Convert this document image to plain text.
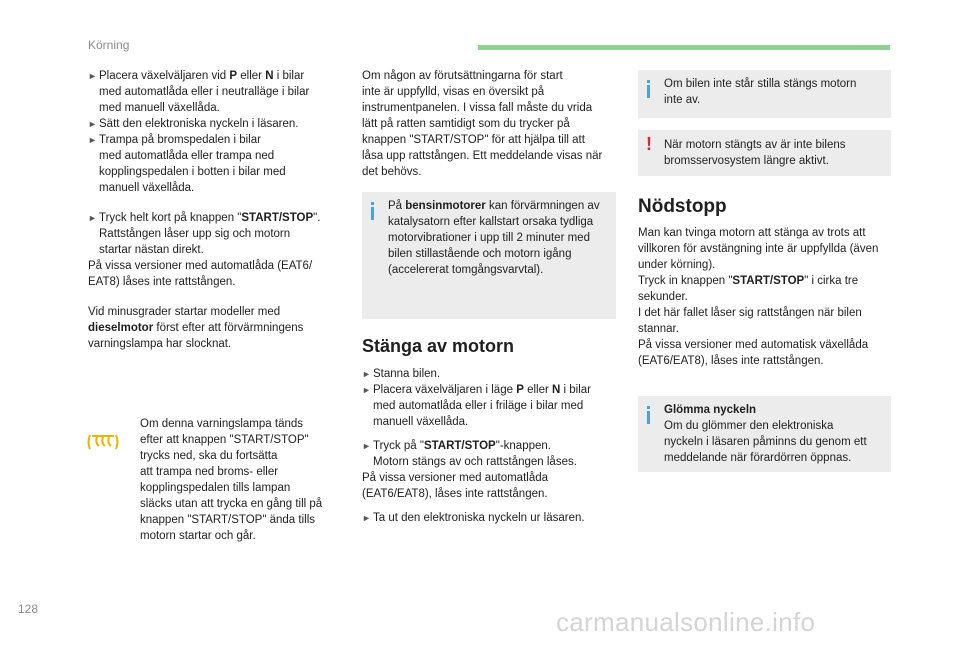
Körning
128	carmanualsonline.info
► Placera växelväljaren vid P eller N i bilar
med automatlåda eller i neutralläge i bilar
med manuell växellåda.
► Sätt den elektroniska nyckeln i läsaren.
► Trampa på bromspedalen i bilar
med automatlåda eller trampa ned
kopplingspedalen i botten i bilar med
manuell växellåda.
► Tryck helt kort på knappen "START/STOP".
Rattstången låser upp sig och motorn
startar nästan direkt.

På vissa versioner med automatlåda (EAT6/
EAT8) låses inte rattstången.

Vid minusgrader startar modeller med
dieselmotor först efter att förvärmningens
varningslampa har slocknat.

Om denna varningslampa tänds
efter att knappen "START/STOP"
trycks ned, ska du fortsätta
att trampa ned broms- eller
kopplingspedalen tills lampan
släcks utan att trycka en gång till på
knappen "START/STOP" ända tills
motorn startar och går.

Om någon av förutsättningarna för start
inte är uppfylld, visas en översikt på
instrumentpanelen. I vissa fall måste du vrida
lätt på ratten samtidigt som du trycker på
knappen "START/STOP" för att hjälpa till att
låsa upp rattstången. Ett meddelande visas när
det behövs.

På bensinmotorer kan förvärmningen av
katalysatorn efter kallstart orsaka tydliga
motorvibrationer i upp till 2 minuter med
bilen stillastående och motorn igång
(accelererat tomgångsvarvtal).
Stänga av motorn
► Stanna bilen.
► Placera växelväljaren i läge P eller N i bilar
med automatlåda eller i friläge i bilar med
manuell växellåda.
► Tryck på "START/STOP"-knappen.
Motorn stängs av och rattstången låses.

På vissa versioner med automatlåda
(EAT6/EAT8), låses inte rattstången.

► Ta ut den elektroniska nyckeln ur läsaren.
Om bilen inte står stilla stängs motorn
inte av.
! När motorn stängts av är inte bilens
bromsservosystem längre aktivt.
Nödstopp

Man kan tvinga motorn att stänga av trots att
villkoren för avstängning inte är uppfyllda (även
under körning).
Tryck in knappen "START/STOP" i cirka tre
sekunder.
I det här fallet låser sig rattstången när bilen
stannar.
På vissa versioner med automatisk växellåda
(EAT6/EAT8), låses inte rattstången.

Glömma nyckeln
Om du glömmer den elektroniska
nyckeln i läsaren påminns du genom ett
meddelande när förardörren öppnas.
